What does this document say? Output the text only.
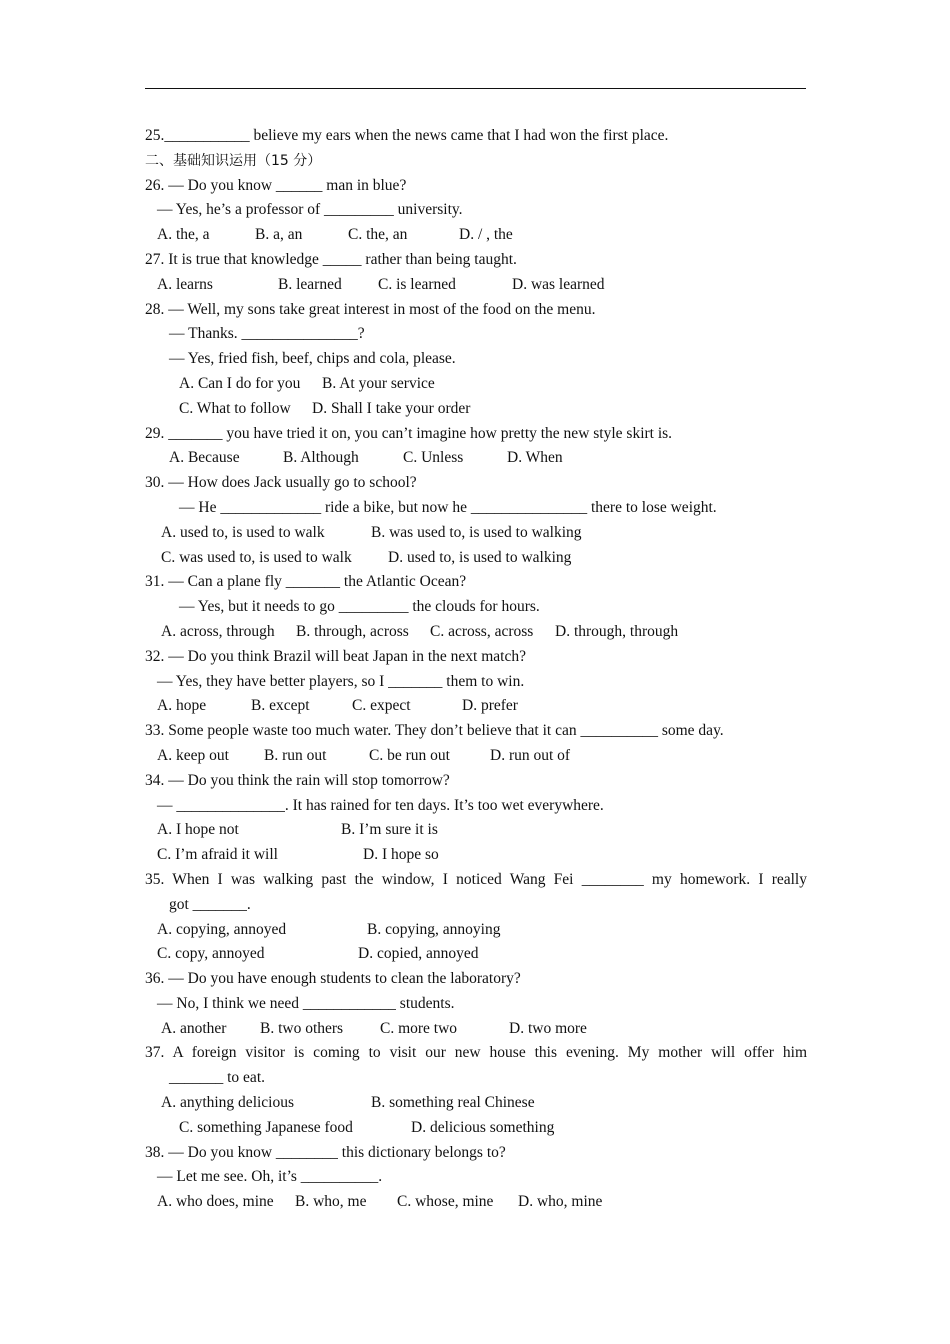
25.___________ believe my ears when the news came that I had won the first place.
二、基础知识运用（15 分）
26. — Do you know ______ man in blue?
— Yes, he’s a professor of _________ university.
A. the, a	B. a, an	C. the, an	D. / , the
27. It is true that knowledge _____ rather than being taught.
A. learns	B. learned C. is learned	D. was learned
28. — Well, my sons take great interest in most of the food on the menu.
— Thanks. _______________?
— Yes, fried fish, beef, chips and cola, please.
A. Can I do for you B. At your service
C. What to follow D. Shall I take your order
29. _______ you have tried it on, you can’t imagine how pretty the new style skirt is.
A. Because	B. Although	C. Unless	D. When
30. — How does Jack usually go to school?
— He _____________ ride a bike, but now he _______________ there to lose weight.
A. used to, is used to walk	B. was used to, is used to walking
C. was used to, is used to walk D. used to, is used to walking
31. — Can a plane fly _______ the Atlantic Ocean?
— Yes, but it needs to go _________ the clouds for hours.
A. across, through B. through, across C. across, across D. through, through
32. — Do you think Brazil will beat Japan in the next match?
— Yes, they have better players, so I _______ them to win.
A. hope	B. except	C. expect	D. prefer
33. Some people waste too much water. They don’t believe that it can __________ some day.
A. keep out B. run out	C. be run out	D. run out of
34. — Do you think the rain will stop tomorrow?
— ______________. It has rained for ten days. It’s too wet everywhere.
A. I hope not	B. I’m sure it is
C. I’m afraid it will	D. I hope so
35. When I was walking past the window, I noticed Wang Fei ________ my homework. I really
got _______.
A. copying, annoyed	B. copying, annoying
C. copy, annoyed	D. copied, annoyed
36. — Do you have enough students to clean the laboratory?
— No, I think we need ____________ students.
A. another B. two others C. more two	D. two more
37. A foreign visitor is coming to visit our new house this evening. My mother will offer him
_______ to eat.
A. anything delicious	B. something real Chinese
C. something Japanese food	D. delicious something
38. — Do you know ________ this dictionary belongs to?
— Let me see. Oh, it’s __________.
A. who does, mine B. who, me C. whose, mine D. who, mine
